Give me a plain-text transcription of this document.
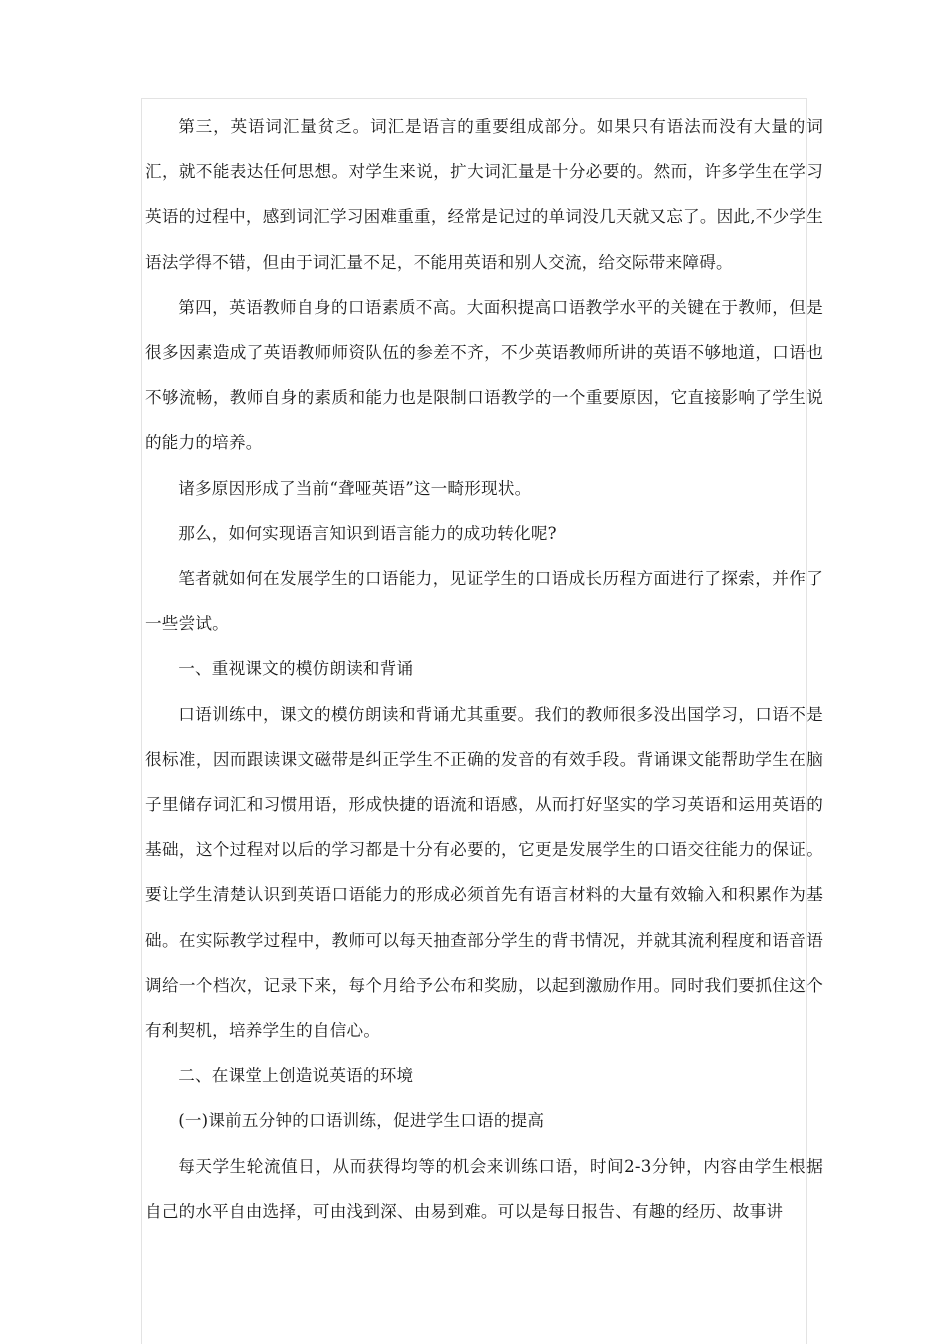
第三，英语词汇量贫乏。词汇是语言的重要组成部分。如果只有语法而没有大量的词汇，就不能表达任何思想。对学生来说，扩大词汇量是十分必要的。然而，许多学生在学习英语的过程中，感到词汇学习困难重重，经常是记过的单词没几天就又忘了。因此,不少学生语法学得不错，但由于词汇量不足，不能用英语和别人交流，给交际带来障碍。

第四，英语教师自身的口语素质不高。大面积提高口语教学水平的关键在于教师，但是很多因素造成了英语教师师资队伍的参差不齐，不少英语教师所讲的英语不够地道，口语也不够流畅，教师自身的素质和能力也是限制口语教学的一个重要原因，它直接影响了学生说的能力的培养。

诸多原因形成了当前“聋哑英语”这一畸形现状。

那么，如何实现语言知识到语言能力的成功转化呢?

笔者就如何在发展学生的口语能力，见证学生的口语成长历程方面进行了探索，并作了一些尝试。

一、重视课文的模仿朗读和背诵

口语训练中，课文的模仿朗读和背诵尤其重要。我们的教师很多没出国学习，口语不是很标准，因而跟读课文磁带是纠正学生不正确的发音的有效手段。背诵课文能帮助学生在脑子里储存词汇和习惯用语，形成快捷的语流和语感，从而打好坚实的学习英语和运用英语的基础，这个过程对以后的学习都是十分有必要的，它更是发展学生的口语交往能力的保证。要让学生清楚认识到英语口语能力的形成必须首先有语言材料的大量有效输入和积累作为基础。在实际教学过程中，教师可以每天抽查部分学生的背书情况，并就其流利程度和语音语调给一个档次，记录下来，每个月给予公布和奖励，以起到激励作用。同时我们要抓住这个有利契机，培养学生的自信心。

二、在课堂上创造说英语的环境

(一)课前五分钟的口语训练，促进学生口语的提高

每天学生轮流值日，从而获得均等的机会来训练口语，时间2-3分钟，内容由学生根据自己的水平自由选择，可由浅到深、由易到难。可以是每日报告、有趣的经历、故事讲
